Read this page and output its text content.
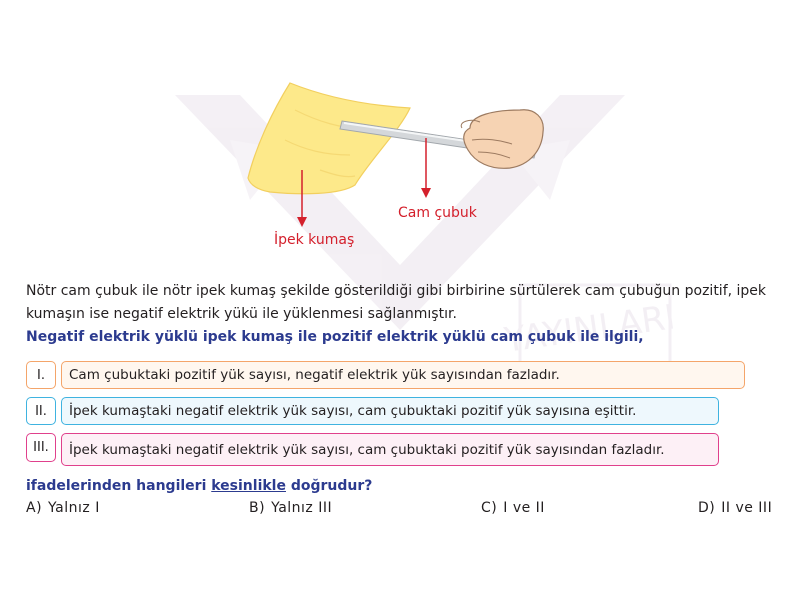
YAYINLARI
İpek kumaş
Cam çubuk
Nötr cam çubuk ile nötr ipek kumaş şekilde gösterildiği gibi birbirine sürtülerek cam çubuğun pozitif, ipek
kumaşın ise negatif elektrik yükü ile yüklenmesi sağlanmıştır.
Negatif elektrik yüklü ipek kumaş ile pozitif elektrik yüklü cam çubuk ile ilgili,
I.	Cam çubuktaki pozitif yük sayısı, negatif elektrik yük sayısından fazladır.
II.	İpek kumaştaki negatif elektrik yük sayısı, cam çubuktaki pozitif yük sayısına eşittir.
III.	İpek kumaştaki negatif elektrik yük sayısı, cam çubuktaki pozitif yük sayısından fazladır.
ifadelerinden hangileri kesinlikle doğrudur?
A) Yalnız I	B) Yalnız III	C) I ve II	D) II ve III
